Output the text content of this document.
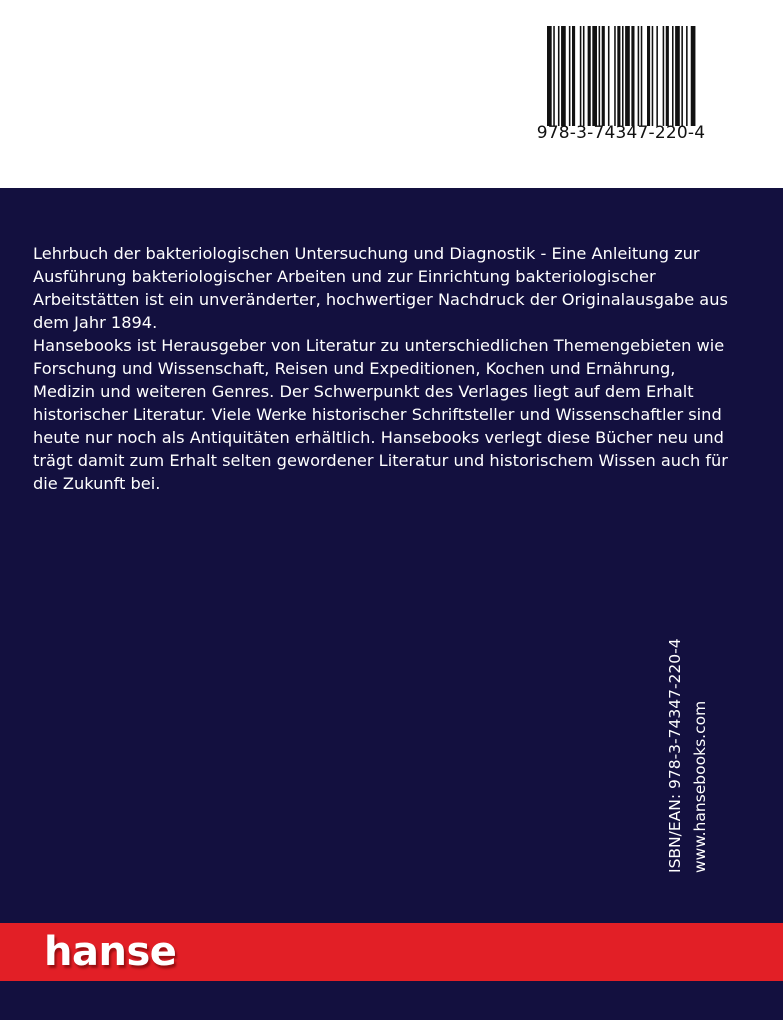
978-3-74347-220-4

Lehrbuch der bakteriologischen Untersuchung und Diagnostik - Eine Anleitung zur Ausführung bakteriologischer Arbeiten und zur Einrichtung bakteriologischer Arbeitstätten ist ein unveränderter, hochwertiger Nachdruck der Originalausgabe aus dem Jahr 1894.

Hansebooks ist Herausgeber von Literatur zu unterschiedlichen Themengebieten wie Forschung und Wissenschaft, Reisen und Expeditionen, Kochen und Ernährung, Medizin und weiteren Genres. Der Schwerpunkt des Verlages liegt auf dem Erhalt historischer Literatur. Viele Werke historischer Schriftsteller und Wissenschaftler sind heute nur noch als Antiquitäten erhältlich. Hansebooks verlegt diese Bücher neu und trägt damit zum Erhalt selten gewordener Literatur und historischem Wissen auch für die Zukunft bei.

ISBN/EAN: 978-3-74347-220-4 www.hansebooks.com
hanse
